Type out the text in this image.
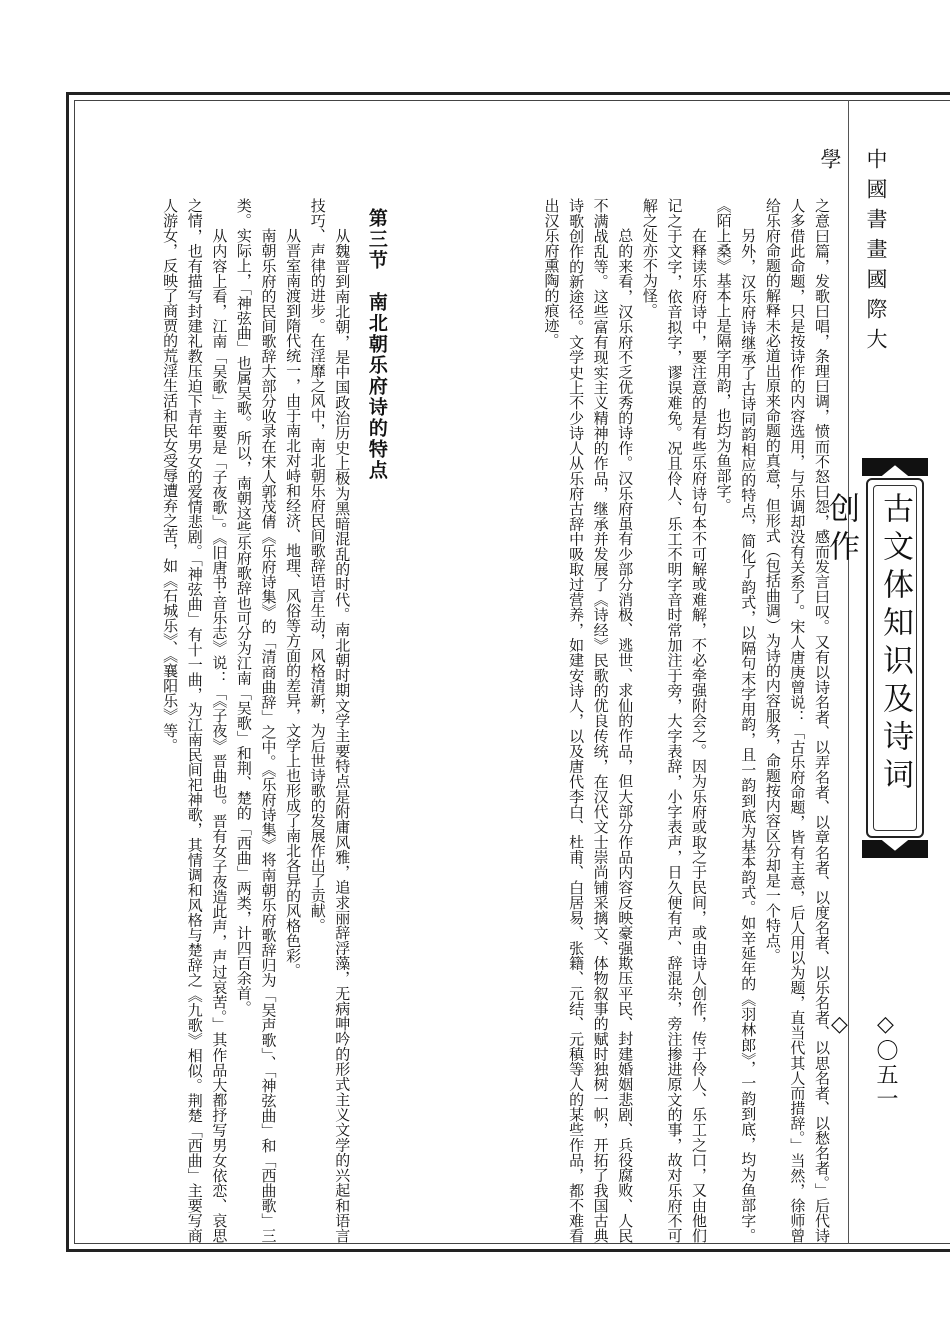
中國書畫國際大學
古文体知识及诗词创作
◇〇五一◇

之意曰篇，发歌曰唱，条理曰调，愤而不怒曰怨，感而发言曰叹。又有以诗名者、以弄名者、以章名者、以度名者、以乐名者、以思名者、以愁名者。」后代诗人多借此命题，只是按诗作的内容选用，与乐调却没有关系了。宋人唐庚曾说：「古乐府命题，皆有主意，后人用以为题，直当代其人而措辞。」当然，徐师曾给乐府命题的解释未必道出原来命题的真意，但形式（包括曲调）为诗的内容服务，命题按内容区分却是一个特点。

另外，汉乐府诗继承了古诗同韵相应的特点，简化了韵式，以隔句末字用韵，且一韵到底为基本韵式。如辛延年的《羽林郎》，一韵到底，均为鱼部字。《陌上桑》基本上是隔字用韵，也均为鱼部字。

在释读乐府诗中，要注意的是有些乐府诗句本不可解或难解，不必牵强附会之。因为乐府或取之于民间，或由诗人创作，传于伶人、乐工之口，又由他们记之于文字，依音拟字，谬误难免。况且伶人、乐工不明字音时常加注于旁，大字表辞，小字表声，日久便有声、辞混杂，旁注掺进原文的事，故对乐府不可解之处亦不为怪。

总的来看，汉乐府不乏优秀的诗作。汉乐府虽有少部分消极、逃世、求仙的作品，但大部分作品内容反映豪强欺压平民、封建婚姻悲剧、兵役腐败、人民不满战乱等。这些富有现实主义精神的作品，继承并发展了《诗经》民歌的优良传统，在汉代文士崇尚铺采摛文、体物叙事的赋时独树一帜，开拓了我国古典诗歌创作的新途径。文学史上不少诗人从乐府古辞中吸取过营养，如建安诗人，以及唐代李白、杜甫、白居易、张籍、元结、元稹等人的某些作品，都不难看出汉乐府熏陶的痕迹。

第三节　南北朝乐府诗的特点

从魏晋到南北朝，是中国政治历史上极为黑暗混乱的时代。南北朝时期文学主要特点是附庸风雅，追求丽辞浮藻，无病呻吟的形式主义文学的兴起和语言技巧、声律的进步。在淫靡之风中，南北朝乐府民间歌辞语言生动，风格清新，为后世诗歌的发展作出了贡献。

从晋室南渡到隋代统一，由于南北对峙和经济、地理、风俗等方面的差异，文学上也形成了南北各异的风格色彩。

南朝乐府的民间歌辞大部分收录在宋人郭茂倩《乐府诗集》的「清商曲辞」之中。《乐府诗集》将南朝乐府歌辞归为「吴声歌」、「神弦曲」和「西曲歌」三类。实际上，「神弦曲」也属吴歌。所以，南朝这些乐府歌辞也可分为江南「吴歌」和荆、楚的「西曲」两类，计四百余首。

从内容上看，江南「吴歌」主要是「子夜歌」。《旧唐书·音乐志》说：「《子夜》晋曲也。晋有女子夜造此声，声过哀苦。」其作品大都抒写男女依恋、哀思之情，也有描写封建礼教压迫下青年男女的爱情悲剧。「神弦曲」有十一曲，为江南民间祀神歌，其情调和风格与楚辞之《九歌》相似。荆楚「西曲」主要写商人游女，反映了商贾的荒淫生活和民女受辱遭弃之苦，如《石城乐》、《襄阳乐》等。
